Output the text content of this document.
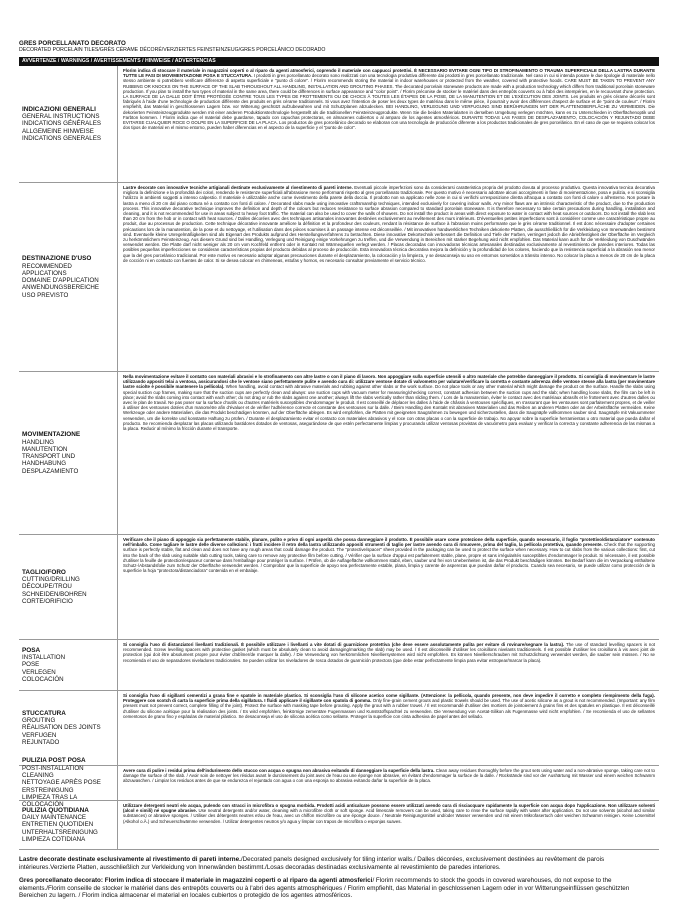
GRES PORCELLANATO DECORATO
DECORATED PORCELAIN TILES/GRÈS CÉRAME DÉCORÉ/VERZIERTES FEINSTEINZEUG/GRES PORCELÁNICO DECORADO
AVVERTENZE / WARNINGS / AVERTISSEMENTS / HINWEISE / ADVERTENCIAS
INDICAZIONI GENERALI
GENERAL INSTRUCTIONS
INDICATIONS GÉNÉRALES
ALLGEMEINE HINWEISE
INDICATIONS GENERALES

Florim indica di stoccare il materiale in magazzini coperti o al riparo da agenti atmosferici, coprendo il materiale con cappucci protettivi. È NECESSARIO EVITARE OGNI TIPO DI STROFINAMENTO O TRAUMA SUPERFICIALE DELLA LASTRA DURANTE TUTTE LE FASI DI MOVIMENTAZIONE POSA E STUCCATURA. I prodotti in gres porcellanato decorato sono realizzati con una tecnologia produttiva differente dai prodotti in gres porcellanato tradizionale. Nel caso in cui si intenda posare le due tipologie di materiale nello stesso ambiente si potrebbero verificare differenze di aspetto superficiale e "punto di colore". / Florim recommends storing the material in indoor warehouses or protected from the weather, covered with protective hoods. CARE MUST BE TAKEN TO PREVENT ANY RUBBING OR KNOCKS ON THE SURFACE OF THE SLAB THROUGHOUT ALL HANDLING, INSTALLATION AND GROUTING PHASES. The decorated porcelain stoneware products are made with a production technology which differs from traditional porcelain stoneware production. If you plan to install the two types of material in the same area, there could be differences in surface appearance and "color point". / Florim préconise de stocker le matériel dans des entrepôts couverts ou à l'abri des intempéries, en le recouvrant d'une protection. LA SURFACE DE LA DALLE DOIT ÊTRE PROTÉGÉE CONTRE TOUS LES TYPES DE FROTTEMENTS OU DE CHOCS À TOUTES LES ÉTAPES DE LA POSE, DE LA MANUTENTION ET DE L'EXÉCUTION DES JOINTS. Les produits en grès cérame décorés sont fabriqués à l'aide d'une technologie de production différente des produits en grès cérame traditionnels. Si vous avez l'intention de poser les deux types de matériau dans le même pièce, il pourrait y avoir des différences d'aspect de surface et de "point de couleur". / Florim empfiehlt, das Material in geschlossenen Lagern bzw. vor Witterung geschützt aufzubewahren und mit Schutzplanen abzudecken. BEI HANDLING, VERLEGUNG UND VERFUGUNG SIND BERÜHRUNGEN MIT DER PLATTENOBERFLÄCHE ZU VERMEIDEN. Die dekorierten Feinsteinzeugprodukte werden mit einer anderen Produktionstechnologie hergestellt als die traditionellen Feinsteinzeugprodukte. Wenn Sie die beiden Materialarten in derselben Umgebung verlegen möchten, kann es zu Unterschieden in Oberflächenoptik und Farbton kommen. / Florim indica que el material debe guardarse, tapado con capuchas protectoras, en almacenes cubiertos o al amparo de los agentes atmosféricos. DURANTE TODAS LAS FASES DE DESPLAZAMIENTO, COLOCACIÓN Y REJUNTADO DEBE EVITARSE CUALQUIER ROCE O GOLPE EN LA SUPERFICIE DE LA PLACA. Los productos de gres porcelánico decorado se elaboran con una tecnología de producción diferente a los productos tradicionales de gres porcelánico. En el caso de que se requiera colocar los dos tipos de material en el mismo entorno, pueden haber diferencias en el aspecto de la superficie y el "punto de color".

DESTINAZIONE D'USO
RECOMMENDED APPLICATIONS
DOMAINE D'APPLICATION
ANWENDUNGSBEREICHE
USO PREVISTO

Lastre decorate con innovative tecniche artigianali destinate esclusivamente al rivestimento di pareti interne. Eventuali piccole imperfezioni sono da considerarsi caratteristica propria del prodotto dovuta al processo produttivo. Questa innovativa tecnica decorativa migliora la definizione e la profondità dei colori, rendendo le resistenze superficiali all'abrasione meno performanti rispetto al gres porcellanato tradizionale. Per questo motivo è necessario adottare alcuni accorgimenti in fase di movimentazione, posa e pulizia, e si sconsiglia l'utilizzo in ambienti soggetti a intenso calpestio. Il materiale è utilizzabile anche come rivestimento della parete della doccia. Il prodotto non va applicato nelle zone in cui si verifichi un'esposizione diretta all'acqua a contatto con fonti di calore o all'esterno. Non posare la lastra a meno di 20 cm dal piano cottura né a contatto con fonti di calore. / Decorated slabs made using innovative craftsmanship techniques, intended exclusively for covering indoor walls. Any minor flaws are an intrinsic characteristic of the product, due to the production process. This innovative decorative technique improves the definition and depth of the colours but reduces resistance to surface abrasion compared to standard porcelain stoneware. It is therefore necessary to take certain precautions during handling, installation and cleaning, and it is not recommended for use in areas subject to heavy foot traffic. The material can also be used to cover the walls of showers. Do not install the product in areas with direct exposure to water in contact with heat sources or outdoors. Do not install the slab less than 20 cm from the hob or in contact with heat sources. / Dalles décorées avec des techniques artisanales innovantes destinées exclusivement au revêtement des murs intérieurs. D'éventuelles petites imperfections sont à considérer comme une caractéristique propre au produit, due au processus de production. Cette technique décorative innovante améliore la définition et la profondeur des couleurs, rendant la résistance de surface à l'abrasion moins performante que le grès cérame traditionnel. Il est donc nécessaire d'adopter certaines précautions lors de la manutention, de la pose et du nettoyage, et l'utilisation dans des pièces soumises à un passage intense est déconseillée. / Mit innovativen handwerklichen Techniken dekorierte Platten, die ausschließlich für die Verkleidung von Innenwänden bestimmt sind. Eventuelle kleine Unregelmäßigkeiten sind als Eigenart des Produkts aufgrund des Herstellungsverfahrens zu betrachten. Diese innovative Dekortechnik verbessert die Definition und Tiefe der Farben, verringert jedoch die Abriebfestigkeit der Oberfläche im Vergleich zu herkömmlichem Feinsteinzeug. Aus diesem Grund sind bei Handling, Verlegung und Reinigung einige Vorkehrungen zu treffen, und die Verwendung in Bereichen mit starker Begehung wird nicht empfohlen. Das Material kann auch für die Verkleidung von Duschwänden verwendet werden. Die Platte darf nicht weniger als 20 cm vom Kochfeld entfernt oder in Kontakt mit Wärmequellen verlegt werden. / Placas decoradas con innovadoras técnicas artesanales destinadas exclusivamente al revestimiento de paredes interiores. Todas las posibles pequeñas imperfecciones se consideran características propias del producto debidas al proceso de producción. Esta innovadora técnica decorativa mejora la definición y la profundidad de los colores, haciendo que la resistencia superficial a la abrasión sea menor que la del gres porcelánico tradicional. Por este motivo es necesario adoptar algunas precauciones durante el desplazamiento, la colocación y la limpieza, y se desaconseja su uso en entornos sometidos a tránsito intenso. No colocar la placa a menos de 20 cm de la placa de cocción ni en contacto con fuentes de calor. Si se desea colocar en chimeneas, estufas y hornos, es necesario consultar previamente el servicio técnico.

MOVIMENTAZIONE
HANDLING
MANUTENTION
TRANSPORT UND HANDHABUNG
DESPLAZAMIENTO

Nella movimentazione evitare il contatto con materiali abrasivi e lo strofinamento con altre lastre o con il piano di lavoro. Non appoggiare sulla superficie utensili o altro materiale che potrebbe danneggiare il prodotto. Si consiglia di movimentare le lastre utilizzando appositi telai a ventosa, assicurandosi che le ventose siano perfettamente pulite e avendo cura di: utilizzare ventose dotate di valvometro per valutare/verificare la corretta e costante aderenza delle ventose stesse alla lastra (per movimentare lastre sciolte è possibile mantenere la pellicola). When handling, avoid contact with abrasive materials and rubbing against other slabs or the work surface. Do not place tools or any other material which might damage the product on the surface. Handle the slabs using special suction cup frames, making sure that the suction cups are perfectly clean and always: use suction cups with vacuum meter for measuring/checking correct, constant adhesion between the suction cups and the slab; when handling loose slabs, the film can be left in place; avoid the slabs coming into contact with each other; do not drag or rub the slabs against one another; always lift the slabs vertically rather than sliding them. / Lors de la manutention, éviter le contact avec des matériaux abrasifs et le frottement avec d'autres dalles ou avec le plan de travail. Ne pas poser sur la surface d'outils ou d'autres matériels susceptibles d'endommager le produit. Il est conseillé de déplacer les dalles à l'aide de châssis à ventouses spécifiques, en s'assurant que les ventouses sont parfaitement propres, et de veiller à utiliser des ventouses dotées d'un manomètre afin d'évaluer et de vérifier l'adhérence correcte et constante des ventouses sur la dalle. / Beim Handling den Kontakt mit abrasiven Materialien und das Reiben an anderen Platten oder an der Arbeitsfläche vermeiden. Keine Werkzeuge oder andere Materialien, die das Produkt beschädigen könnten, auf der Oberfläche ablegen. Es wird empfohlen, die Platten mit geeigneten Saugrahmen zu bewegen und sicherzustellen, dass die Saugnäpfe vollkommen sauber sind. Saugnäpfe mit Vakuummeter verwenden, um die korrekte und konstante Haftung zu prüfen. / Durante el desplazamiento evitar el contacto con materiales abrasivos y el roce con otras placas o con la superficie de trabajo. No apoyar sobre la superficie herramientas u otro material que pueda dañar el producto. Se recomienda desplazar las placas utilizando bastidores dotados de ventosas, asegurándose de que estén perfectamente limpias y procurando utilizar ventosas provistas de vacuómetro para evaluar y verificar la correcta y constante adherencia de las mismas a la placa. Reducir al mínimo la fricción durante el transporte.

TAGLIO/FORO
CUTTING/DRILLING
DÉCOUPE/TROU
SCHNEIDEN/BOHREN
CORTE/ORIFICIO

Verificare che il piano di appoggio sia perfettamente stabile, planare, pulito e privo di ogni asperità che possa danneggiare il prodotto. È possibile usare come protezione della superficie, quando necessario, il foglio "protettivo/distanziatore" contenuto nell'imballo. Come tagliare le lastre delle diverse collezioni: i fratti incidere il retro della lastra utilizzando appositi strumenti di taglio per lastre avendo cura di rimuovere, prima del taglio, la pellicola protettiva, quando presente. Check that the supporting surface is perfectly stable, flat and clean and does not have any rough areas that could damage the product. The "protective/spacer" sheet provided in the packaging can be used to protect the surface when necessary. How to cut slabs from the various collections: first, cut into the back of the slab using suitable slab cutting tools, taking care to remove any protective film before cutting. / Vérifier que la surface d'appui est parfaitement stable, plane, propre et sans irrégularités susceptibles d'endommager le produit. Si nécessaire, il est possible d'utiliser la feuille de protection/espaceur contenue dans l'emballage pour protéger la surface. / Prüfen, ob die Auflagefläche vollkommen stabil, eben, sauber und frei von Unebenheiten ist, die das Produkt beschädigen könnten. Bei Bedarf kann die im Verpackung enthaltene Schutz-/Abstandsfolie zum Schutz der Oberfläche verwendet werden. / Comprobar que la superficie de apoyo sea perfectamente estable, plana, limpia y carente de asperezas que puedan dañar el producto. Cuando sea necesario, se puede utilizar como protección de la superficie la hoja "protectora/distanciadora" contenida en el embalaje.

POSA
INSTALLATION
POSE
VERLEGEN
COLOCACIÓN

Si consiglia l'uso di distanziatori livellanti tradizionali. È possibile utilizzare i livellanti a vite dotati di guarnizione protettiva (che deve essere assolutamente pulita per evitare di rovinare/segnare la lastra). The use of standard levelling spacers is not recommended. Screw levelling spacers with protective gasket (which must be absolutely clean to avoid damaging/marking the slab) may be used. / Il est déconseillé d'utiliser les croisillons nivelants traditionnels. Il est possible d'utiliser les croisillons à vis avec joint de protection (qui doit être absolument propre pour éviter d'abîmer/de marquer la dalle). / Die Verwendung von herkömmlichen Nivelliersystemen wird nicht empfohlen. Es können Nivellierschrauben mit Schutzdichtung verwendet werden, die sauber sein müssen. / No se recomienda el uso de separadores niveladores tradicionales. Se pueden utilizar los niveladores de rosca dotados de guarnición protectora (que debe estar perfectamente limpia para evitar estropear/marcar la placa).

STUCCATURA
GROUTING
RÉALISATION DES JOINTS
VERFUGEN
REJUNTADO

Si consiglia l'uso di sigillanti cementizi a grana fine e spatole in materiale plastico. Si sconsiglia l'uso di silicone acetico come sigillante. (Attenzione: la pellicola, quando presente, non deve impedire il corretto e completo riempimento della fuga). Proteggere con scotch di carta la superficie prima della sigillatura. I fluidi applicare il sigillante con spatola di gomma. Only fine-grain cement grouts and plastic trowels should be used. The use of acetic silicone as a grout is not recommended. (Important: any film present must not prevent correct, complete filling of the joint). Protect the surface with masking tape before grouting. Apply the grout with a rubber trowel. / Il est recommandé d'utiliser des mortiers de jointoiement à grains fins et des spatules en plastique. Il est déconseillé d'utiliser du silicone acétique pour la réalisation des joints. / Es wird empfohlen, feinkörnige zementäre Fugenmassen und Kunststoffspachtel zu verwenden. Die Verwendung von Acetat-Silikon als Fugenmasse wird nicht empfohlen. / Se recomienda el uso de sellantes cementosos de grano fino y espátulas de material plástico. Se desaconseja el uso de silicona acética como sellante. Proteger la superficie con cinta adhesiva de papel antes del sellado.

PULIZIA POST POSA
POST-INSTALLATION CLEANING
NETTOYAGE APRÈS POSE
ERSTREINIGUNG
LIMPIEZA TRAS LA COLOCACIÓN

Avere cura di pulire i residui prima dell'indurimento dello stucco con acqua o spugna non abrasiva evitando di danneggiare la superficie della lastra. Clean away residues thoroughly before the grout sets using water and a non-abrasive sponge, taking care not to damage the surface of the slab. / Avoir soin de nettoyer les résidus avant le durcissement du joint avec de l'eau ou une éponge non abrasive, en évitant d'endommager la surface de la dalle. / Rückstände sind vor der Aushärtung mit Wasser und einem weichen Schwamm abzuwaschen. / Limpiar los residuos antes de que se endurezca el rejuntado con agua o con una esponja no abrasiva evitando dañar la superficie de la placa.

PULIZIA QUOTIDIANA
DAILY MAINTENANCE
ENTRETIEN QUOTIDIEN
UNTERHALTSREINIGUNG
LIMPIEZA COTIDIANA

Utilizzare detergenti neutri e/o acqua, pulendo con stracci in microfibra o spugna morbida. Prodotti acidi anticalcare possono essere utilizzati avendo cura di risciacquare rapidamente la superficie con acqua dopo l'applicazione. Non utilizzare solventi (alcol e simili) né spugne abrasive. Use neutral detergents and/or water, cleaning with a microfibre cloth or soft sponge. Acid limescale removers can be used, taking care to rinse the surface rapidly with water after application. Do not use solvents (alcohol and similar substances) or abrasive sponges. / Utiliser des détergents neutres et/ou de l'eau, avec un chiffon microfibre ou une éponge douce. / Neutrale Reinigungsmittel und/oder Wasser verwenden und mit einem Mikrofasertuch oder weichen Schwamm reinigen. Keine Lösemittel (Alkohol o.Ä.) und Scheuerschwämme verwenden. / Utilizar detergentes neutros y/o agua y limpiar con trapos de microfibra o esponjas suaves.

Lastre decorate destinate esclusivamente al rivestimento di pareti interne./Decorated panels designed exclusively for tiling interior walls./ Dalles décorées, exclusivement destinées au revêtement de parois intérieures.Verzierte Platten, ausschließlich zur Verkleidung von Innenwänden bestimmt./Losas decoradas destinadas exclusivamente al revestimiento de paredes interiores.
Gres porcellanato decorato: Florim indica di stoccare il materiale in magazzini coperti o al riparo da agenti atmosferici/ Florim recommends to stock the goods in covered warehouses, do not expose to the elements./Florim conseille de stocker le matériel dans des entrepôts couverts ou à l'abri des agents atmosphériques / Florim empfiehlt, das Material in geschlossenen Lagern oder in vor Witterungseinflüssen geschützten Bereichen zu lagern. / Florim indica almacenar el material en locales cubiertos o protegido de los agentes atmosféricos.
